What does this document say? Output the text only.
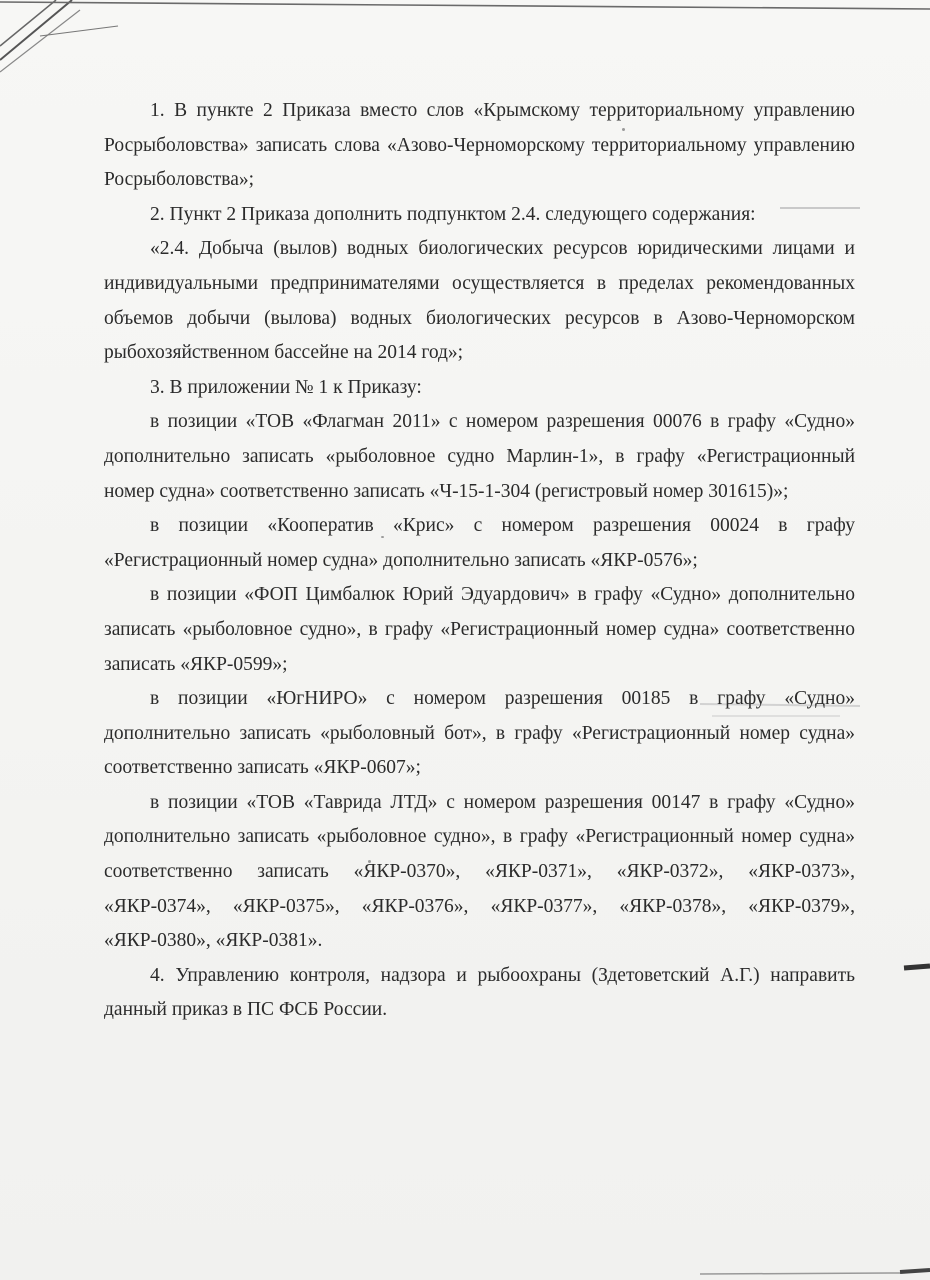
1. В пункте 2 Приказа вместо слов «Крымскому территориальному управлению Росрыболовства» записать слова «Азово-Черноморскому территориальному управлению Росрыболовства»;

2. Пункт 2 Приказа дополнить подпунктом 2.4. следующего содержания:

«2.4. Добыча (вылов) водных биологических ресурсов юридическими лицами и индивидуальными предпринимателями осуществляется в пределах рекомендованных объемов добычи (вылова) водных биологических ресурсов в Азово-Черноморском рыбохозяйственном бассейне на 2014 год»;

3. В приложении № 1 к Приказу:

в позиции «ТОВ «Флагман 2011» с номером разрешения 00076 в графу «Судно» дополнительно записать «рыболовное судно Марлин-1», в графу «Регистрационный номер судна» соответственно записать «Ч-15-1-304 (регистровый номер 301615)»;

в позиции «Кооператив «Крис» с номером разрешения 00024 в графу «Регистрационный номер судна» дополнительно записать «ЯКР-0576»;

в позиции «ФОП Цимбалюк Юрий Эдуардович» в графу «Судно» дополнительно записать «рыболовное судно», в графу «Регистрационный номер судна» соответственно записать «ЯКР-0599»;

в позиции «ЮгНИРО» с номером разрешения 00185 в графу «Судно» дополнительно записать «рыболовный бот», в графу «Регистрационный номер судна» соответственно записать «ЯКР-0607»;

в позиции «ТОВ «Таврида ЛТД» с номером разрешения 00147 в графу «Судно» дополнительно записать «рыболовное судно», в графу «Регистрационный номер судна» соответственно записать «ЯКР-0370», «ЯКР-0371», «ЯКР-0372», «ЯКР-0373», «ЯКР-0374», «ЯКР-0375», «ЯКР-0376», «ЯКР-0377», «ЯКР-0378», «ЯКР-0379», «ЯКР-0380», «ЯКР-0381».

4. Управлению контроля, надзора и рыбоохраны (Здетоветский А.Г.) направить данный приказ в ПС ФСБ России.
